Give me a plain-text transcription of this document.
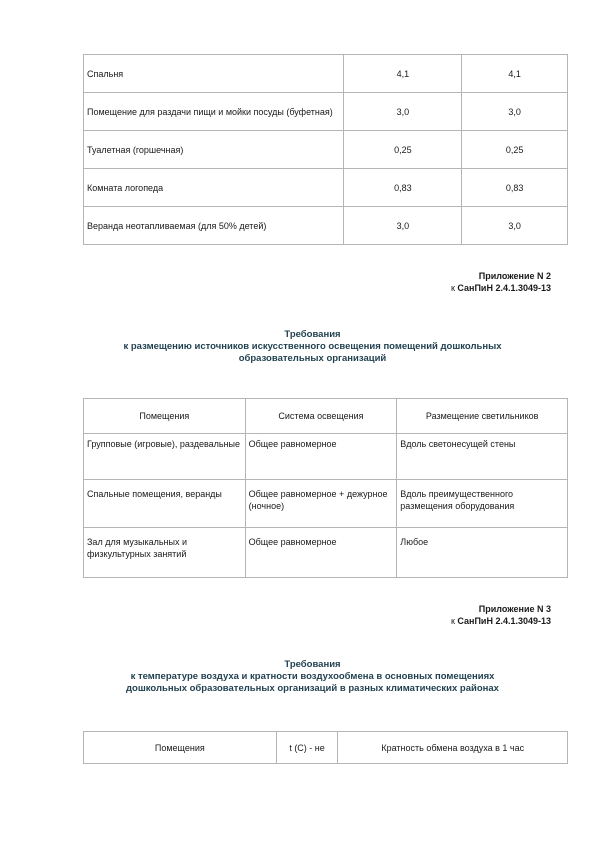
Спальня	4,1	4,1
Помещение для раздачи пищи и мойки посуды (буфетная)	3,0	3,0
Туалетная (горшечная)	0,25	0,25
Комната логопеда	0,83	0,83
Веранда неотапливаемая (для 50% детей)	3,0	3,0
Приложение N 2
к СанПиН 2.4.1.3049-13
Требования
к размещению источников искусственного освещения помещений дошкольных
образовательных организаций
Помещения	Система освещения	Размещение светильников
Групповые (игровые), раздевальные	Общее равномерное	Вдоль светонесущей стены
Спальные помещения, веранды	Общее равномерное + дежурное (ночное)	Вдоль преимущественного размещения оборудования
Зал для музыкальных и физкультурных занятий	Общее равномерное	Любое
Приложение N 3
к СанПиН 2.4.1.3049-13
Требования
к температуре воздуха и кратности воздухообмена в основных помещениях
дошкольных образовательных организаций в разных климатических районах
Помещения	t (С) - не	Кратность обмена воздуха в 1 час
